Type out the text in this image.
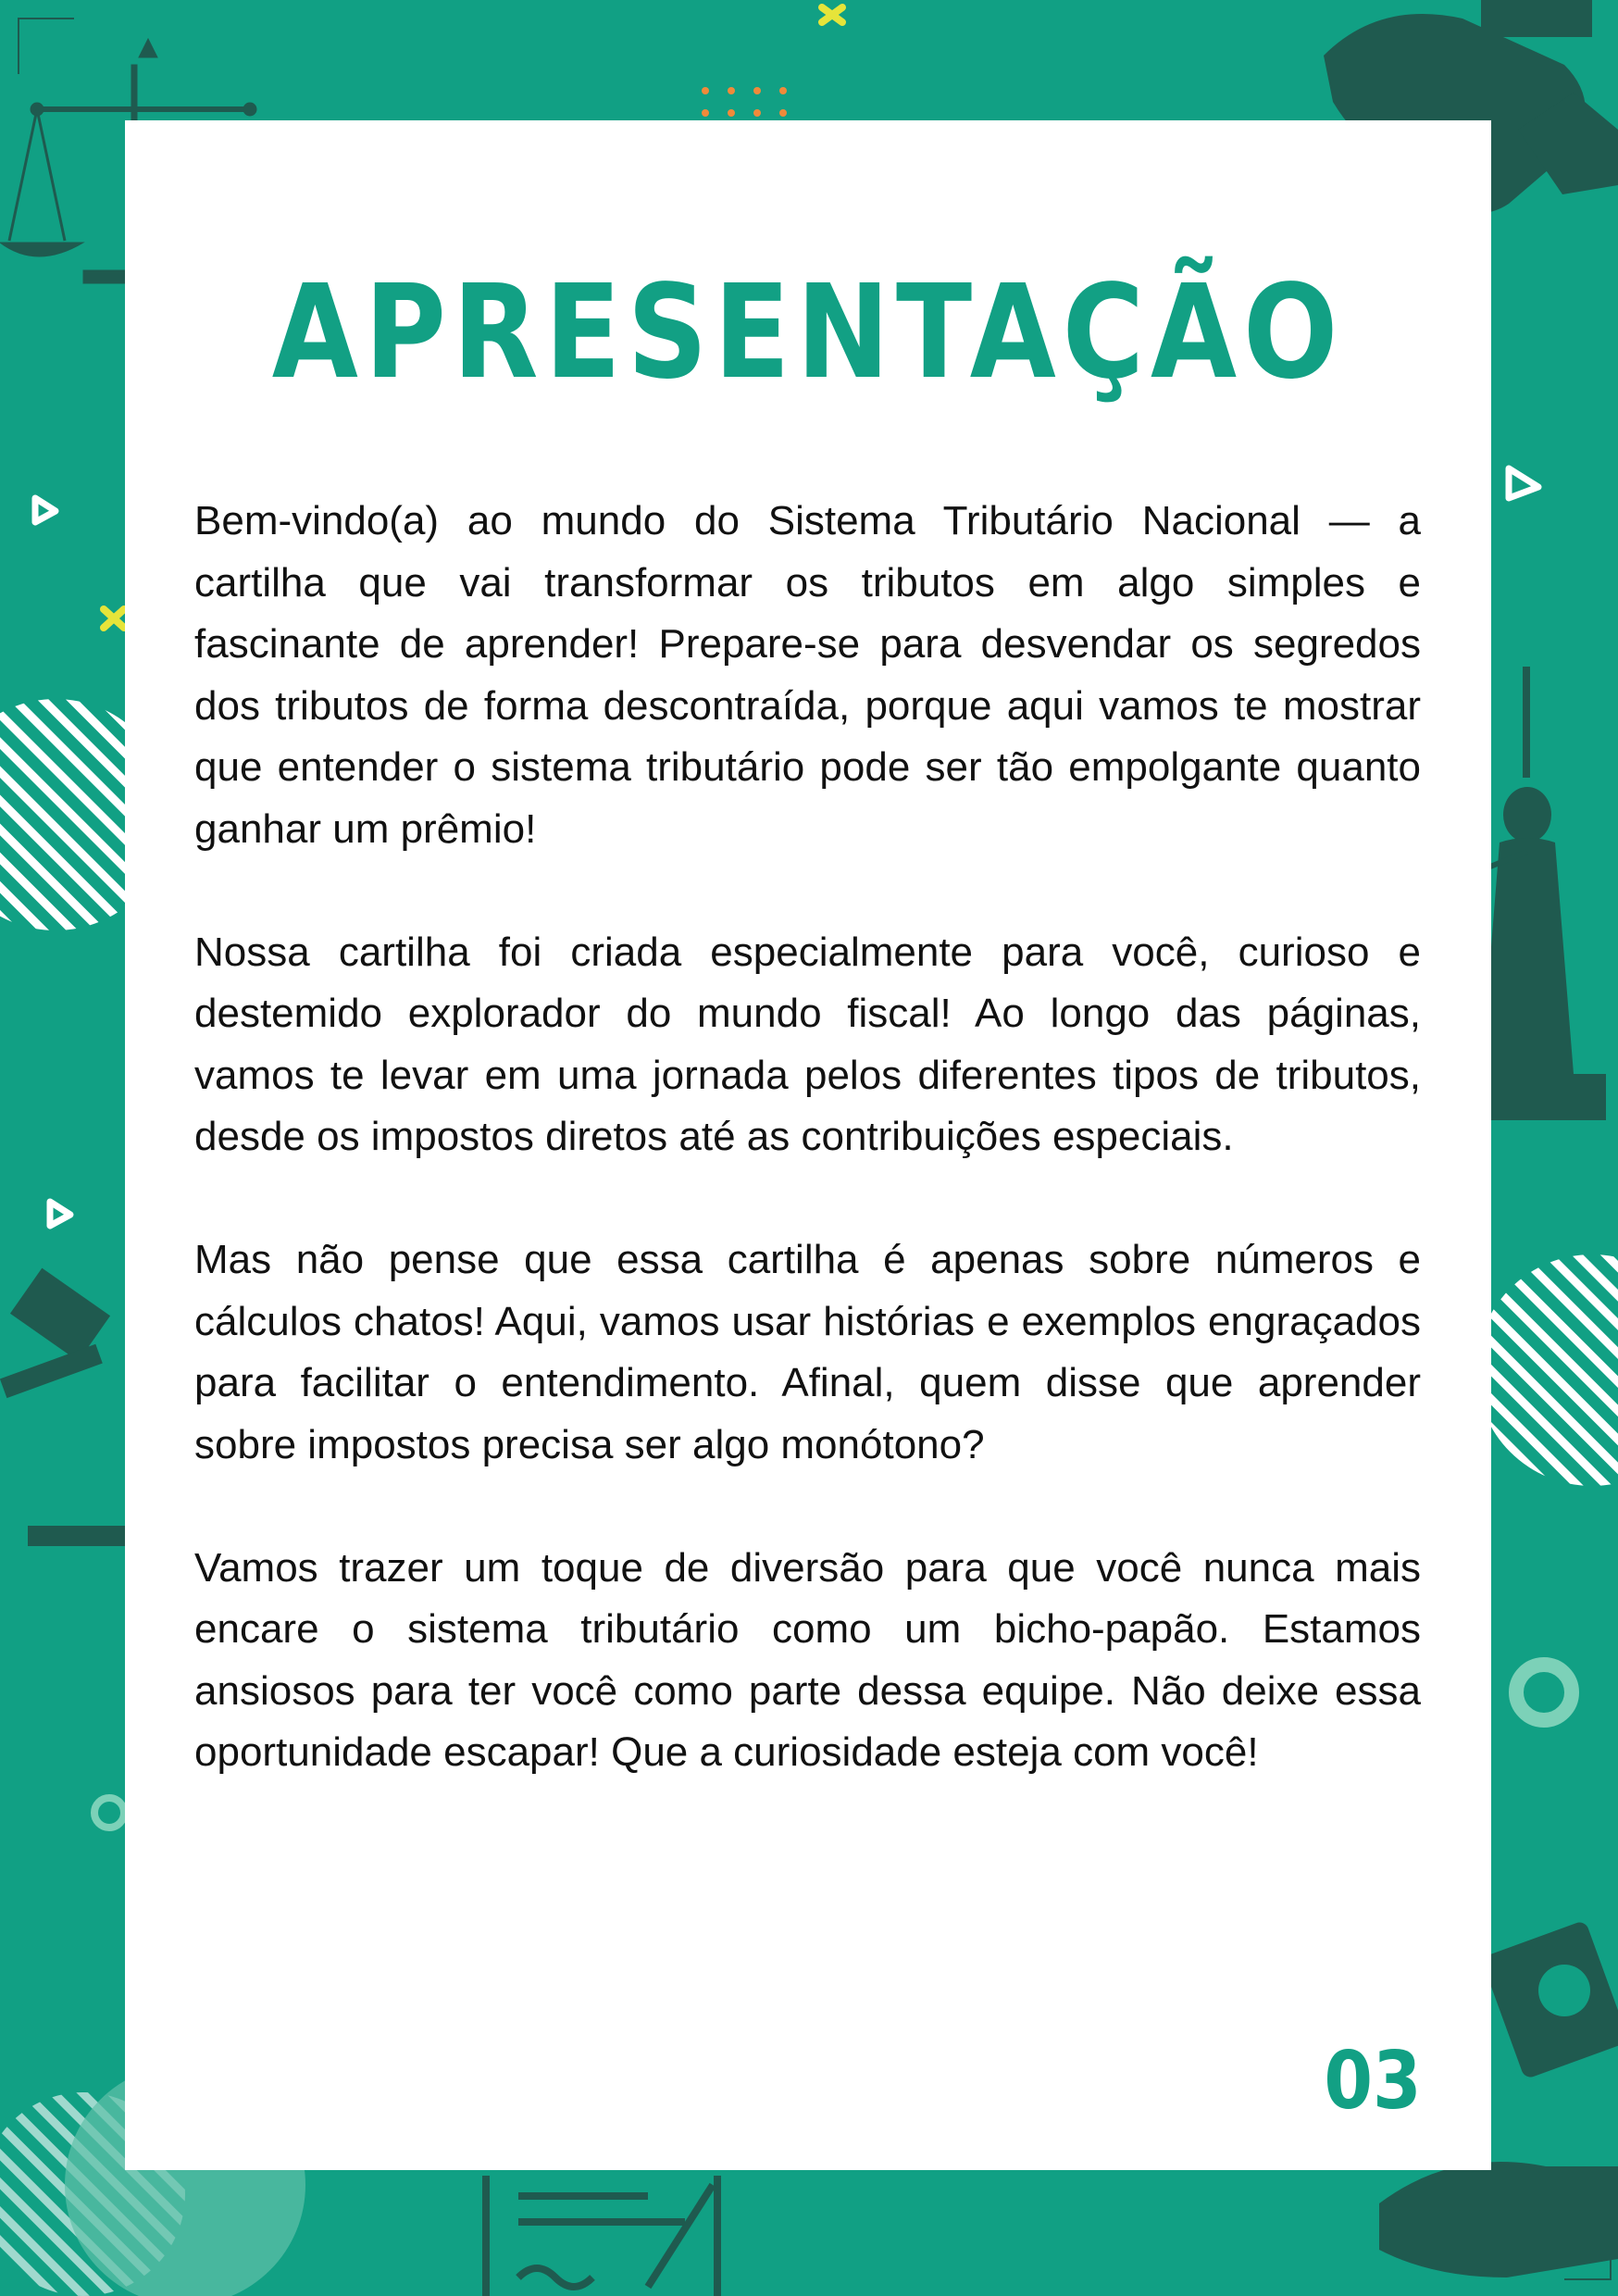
APRESENTAÇÃO

Bem-vindo(a) ao mundo do Sistema Tributário Nacional — a cartilha que vai transformar os tributos em algo simples e fascinante de aprender! Prepare-se para desvendar os segredos dos tributos de forma descontraída, porque aqui vamos te mostrar que entender o sistema tributário pode ser tão empolgante quanto ganhar um prêmio!

Nossa cartilha foi criada especialmente para você, curioso e destemido explorador do mundo fiscal! Ao longo das páginas, vamos te levar em uma jornada pelos diferentes tipos de tributos, desde os impostos diretos até as contribuições especiais.

Mas não pense que essa cartilha é apenas sobre números e cálculos chatos! Aqui, vamos usar histórias e exemplos engraçados para facilitar o entendimento. Afinal, quem disse que aprender sobre impostos precisa ser algo monótono?

Vamos trazer um toque de diversão para que você nunca mais encare o sistema tributário como um bicho-papão. Estamos ansiosos para ter você como parte dessa equipe. Não deixe essa oportunidade escapar! Que a curiosidade esteja com você!

03
